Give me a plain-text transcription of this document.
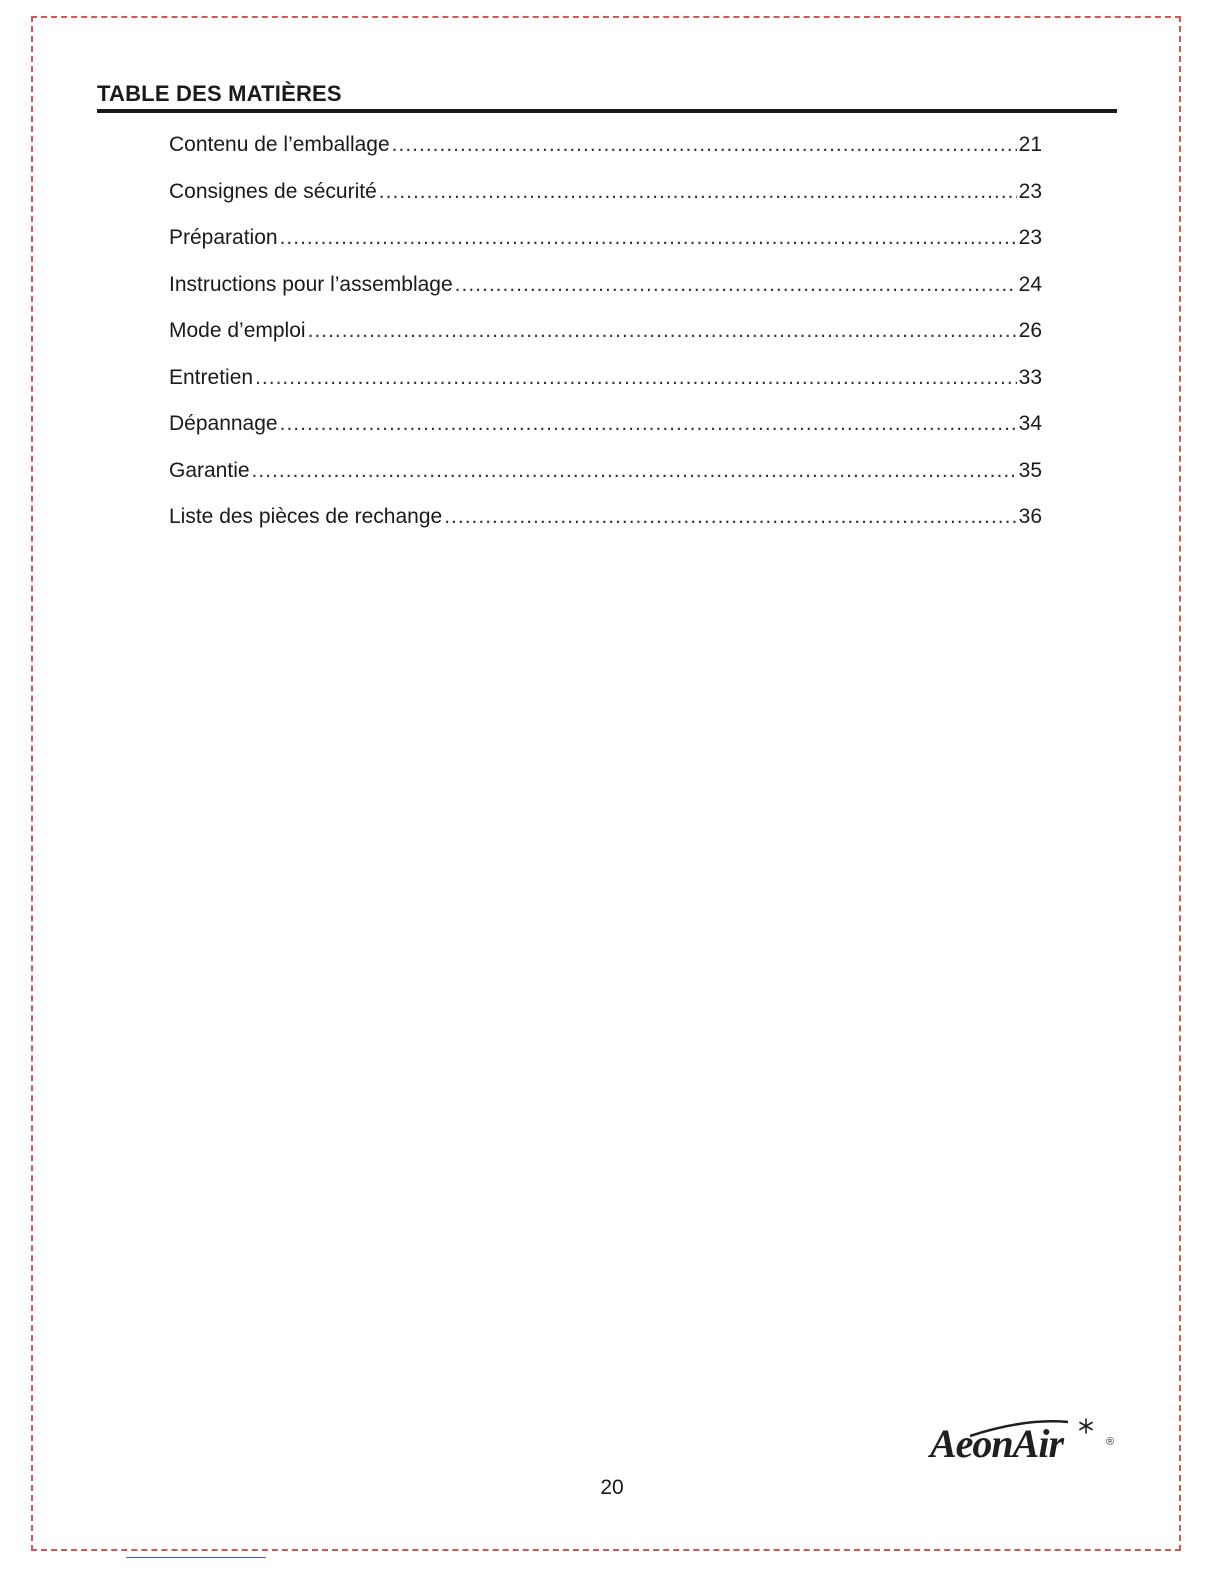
TABLE DES MATIÈRES
Contenu de l’emballage .....	21
Consignes de sécurité .....	23
Préparation .....	23
Instructions pour l’assemblage .....	24
Mode d’emploi .....	26
Entretien .....	33
Dépannage .....	34
Garantie .....	35
Liste des pièces de rechange .....	36
AeonAir	®
20
